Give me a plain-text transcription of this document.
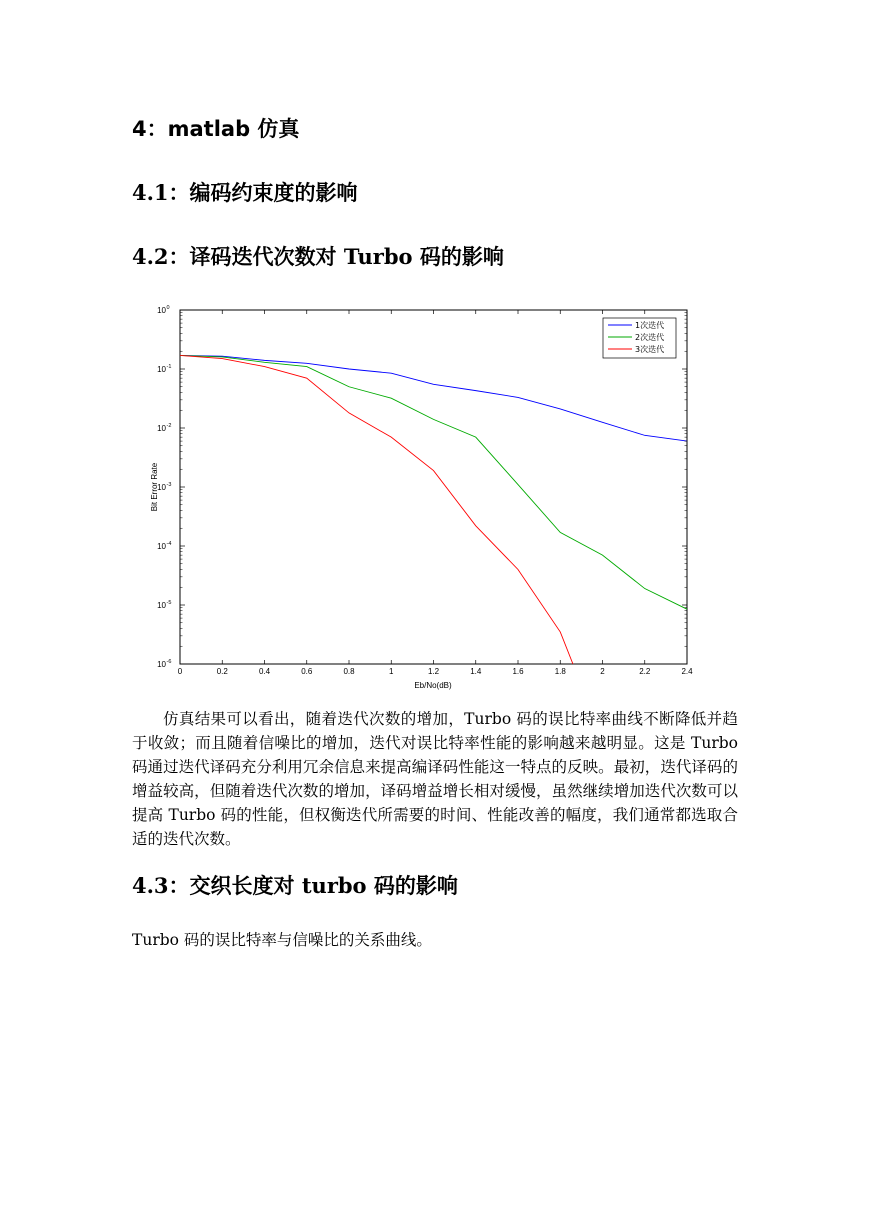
4：matlab 仿真
4.1：编码约束度的影响
4.2：译码迭代次数对 Turbo 码的影响
0	0.2	0.4	0.6	0.8	1	1.2	1.4	1.6	1.8	2	2.2	2.4
10 0
10 -1
10 -2
10 -3
10 -4
10 -5
10 -6
Eb/No(dB)
Bit Error Rate
1次迭代
2次迭代
3次迭代

仿真结果可以看出，随着迭代次数的增加，Turbo 码的误比特率曲线不断降低并趋于收敛；而且随着信噪比的增加，迭代对误比特率性能的影响越来越明显。这是 Turbo 码通过迭代译码充分利用冗余信息来提高编译码性能这一特点的反映。最初，迭代译码的增益较高，但随着迭代次数的增加，译码增益增长相对缓慢，虽然继续增加迭代次数可以提高 Turbo 码的性能，但权衡迭代所需要的时间、性能改善的幅度，我们通常都选取合适的迭代次数。

4.3：交织长度对 turbo 码的影响

Turbo 码的误比特率与信噪比的关系曲线。
